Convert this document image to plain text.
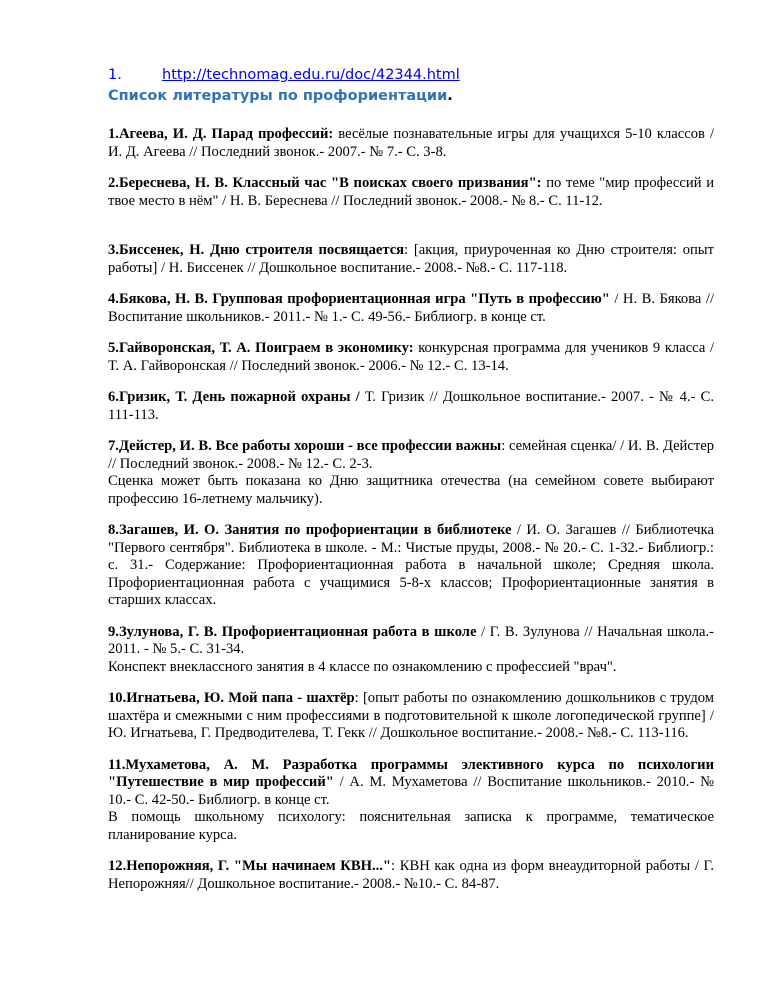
1.	http://technomag.edu.ru/doc/42344.html
Список литературы по профориентации.

1.Агеева, И. Д. Парад профессий: весёлые познавательные игры для учащихся 5-10 классов / И. Д. Агеева // Последний звонок.- 2007.- № 7.- С. 3-8.

2.Береснева, Н. В. Классный час "В поисках своего призвания": по теме "мир профессий и твое место в нём" / Н. В. Береснева // Последний звонок.- 2008.- № 8.- С. 11-12.

3.Биссенек, Н. Дню строителя посвящается: [акция, приуроченная ко Дню строителя: опыт работы] / Н. Биссенек // Дошкольное воспитание.- 2008.- №8.- С. 117-118.

4.Бякова, Н. В. Групповая профориентационная игра "Путь в профессию" / Н. В. Бякова // Воспитание школьников.- 2011.- № 1.- С. 49-56.- Библиогр. в конце ст.

5.Гайворонская, Т. А. Поиграем в экономику: конкурсная программа для учеников 9 класса / Т. А. Гайворонская // Последний звонок.- 2006.- № 12.- С. 13-14.

6.Гризик, Т. День пожарной охраны / Т. Гризик // Дошкольное воспитание.- 2007. - № 4.- С. 111-113.

7.Дейстер, И. В. Все работы хороши - все профессии важны: семейная сценка/ / И. В. Дейстер // Последний звонок.- 2008.- № 12.- С. 2-3.
Сценка может быть показана ко Дню защитника отечества (на семейном совете выбирают профессию 16-летнему мальчику).

8.Загашев, И. О. Занятия по профориентации в библиотеке / И. О. Загашев // Библиотечка "Первого сентября". Библиотека в школе. - М.: Чистые пруды, 2008.- № 20.- С. 1-32.- Библиогр.: с. 31.- Содержание: Профориентационная работа в начальной школе; Средняя школа. Профориентационная работа с учащимися 5-8-х классов; Профориентационные занятия в старших классах.

9.Зулунова, Г. В. Профориентационная работа в школе / Г. В. Зулунова // Начальная школа.- 2011. - № 5.- С. 31-34.
Конспект внеклассного занятия в 4 классе по ознакомлению с профессией "врач".

10.Игнатьева, Ю. Мой папа - шахтёр: [опыт работы по ознакомлению дошкольников с трудом шахтёра и смежными с ним профессиями в подготовительной к школе логопедической группе] /Ю. Игнатьева, Г. Предводителева, Т. Гекк // Дошкольное воспитание.- 2008.- №8.- С. 113-116.

11.Мухаметова, А. М. Разработка программы элективного курса по психологии "Путешествие в мир профессий" / А. М. Мухаметова // Воспитание школьников.- 2010.- № 10.- С. 42-50.- Библиогр. в конце ст.
В помощь школьному психологу: пояснительная записка к программе, тематическое планирование курса.

12.Непорожняя, Г. "Мы начинаем КВН...": КВН как одна из форм внеаудиторной работы / Г. Непорожняя// Дошкольное воспитание.- 2008.- №10.- С. 84-87.
